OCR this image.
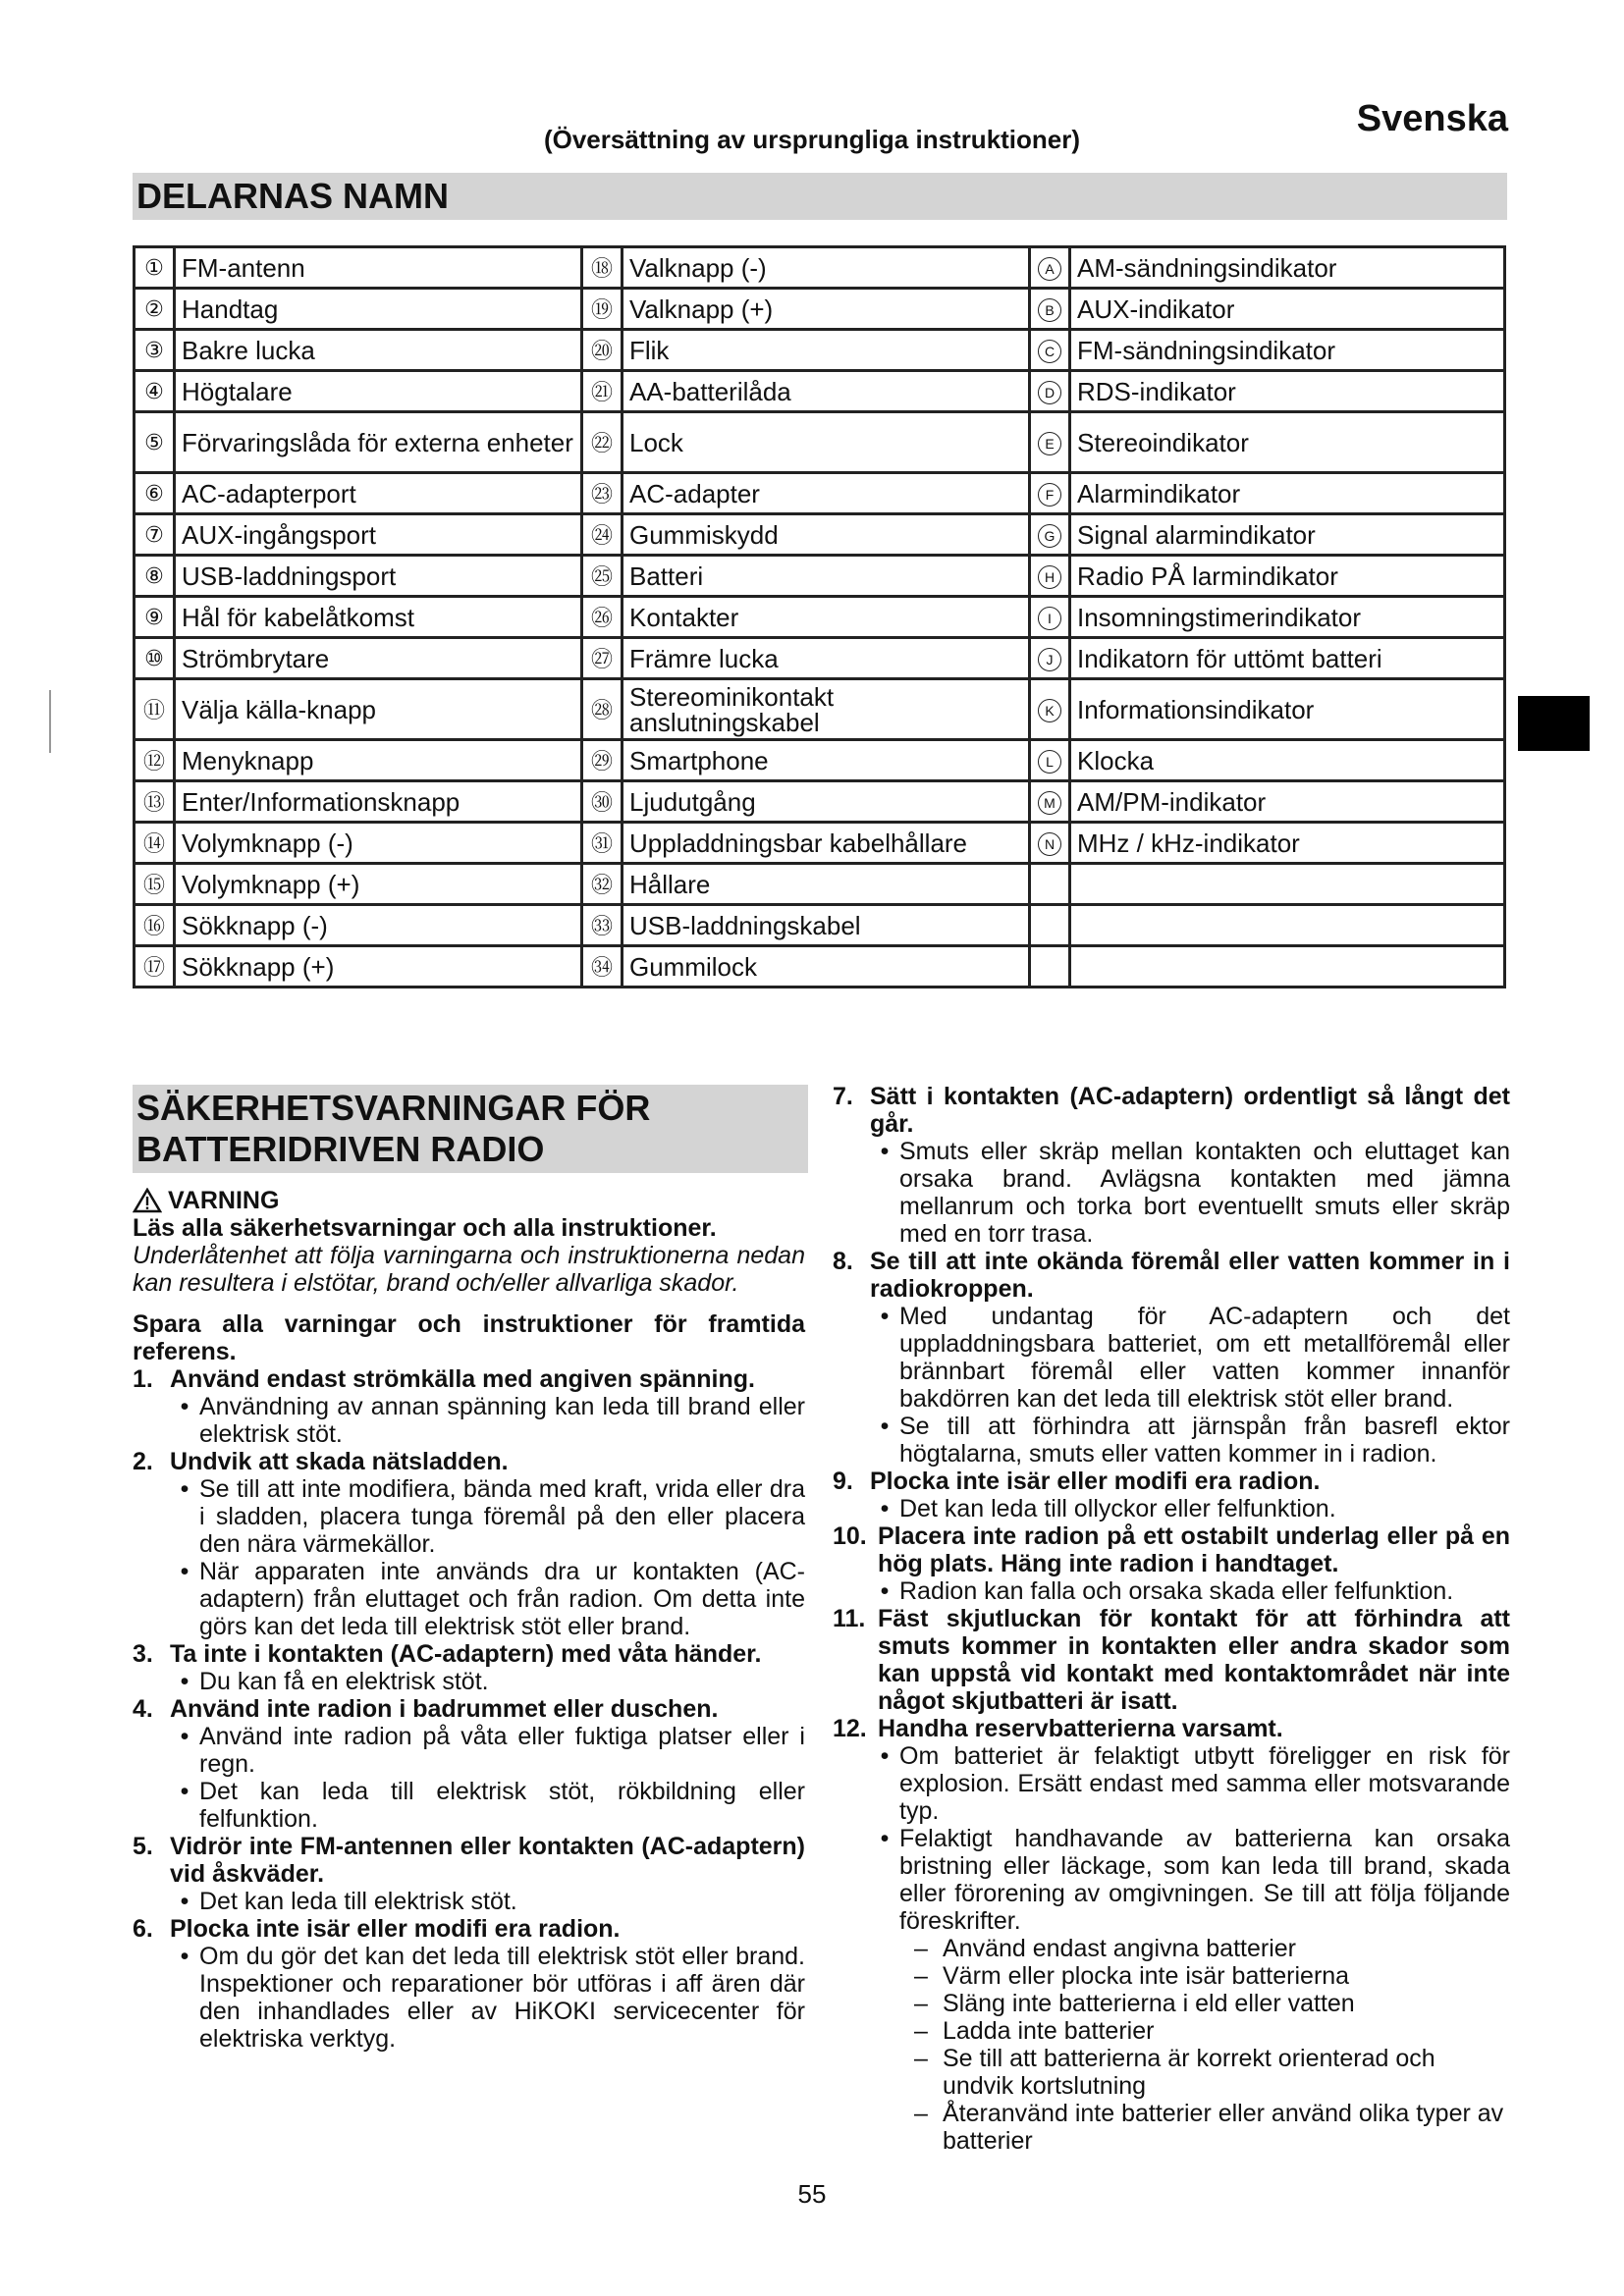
(Översättning av ursprungliga instruktioner)	Svenska
DELARNAS NAMN
①	FM-antenn	⑱	Valknapp (-)	A	AM-sändningsindikator
②	Handtag	⑲	Valknapp (+)	B	AUX-indikator
③	Bakre lucka	⑳	Flik	C	FM-sändningsindikator
④	Högtalare	㉑	AA-batterilåda	D	RDS-indikator
⑤	Förvaringslåda för externa enheter	㉒	Lock	E	Stereoindikator
⑥	AC-adapterport	㉓	AC-adapter	F	Alarmindikator
⑦	AUX-ingångsport	㉔	Gummiskydd	G	Signal alarmindikator
⑧	USB-laddningsport	㉕	Batteri	H	Radio PÅ larmindikator
⑨	Hål för kabelåtkomst	㉖	Kontakter	I	Insomningstimerindikator
⑩	Strömbrytare	㉗	Främre lucka	J	Indikatorn för uttömt batteri
⑪	Välja källa-knapp	㉘	Stereominikontakt anslutningskabel	K	Informationsindikator
⑫	Menyknapp	㉙	Smartphone	L	Klocka
⑬	Enter/Informationsknapp	㉚	Ljudutgång	M	AM/PM-indikator
⑭	Volymknapp (-)	㉛	Uppladdningsbar kabelhållare	N	MHz / kHz-indikator
⑮	Volymknapp (+)	㉜	Hållare		
⑯	Sökknapp (-)	㉝	USB-laddningskabel		
⑰	Sökknapp (+)	㉞	Gummilock		
SÄKERHETSVARNINGAR FÖR
BATTERIDRIVEN RADIO
VARNING
Läs alla säkerhetsvarningar och alla instruktioner.
Underlåtenhet att följa varningarna och instruktionerna nedan kan resultera i elstötar, brand och/eller allvarliga skador.
Spara alla varningar och instruktioner för framtida referens.
1. Använd endast strömkälla med angiven spänning.
• Användning av annan spänning kan leda till brand eller elektrisk stöt.
2. Undvik att skada nätsladden.
• Se till att inte modifiera, bända med kraft, vrida eller dra i sladden, placera tunga föremål på den eller placera den nära värmekällor.
• När apparaten inte används dra ur kontakten (AC-adaptern) från eluttaget och från radion. Om detta inte görs kan det leda till elektrisk stöt eller brand.
3. Ta inte i kontakten (AC-adaptern) med våta händer.
• Du kan få en elektrisk stöt.
4. Använd inte radion i badrummet eller duschen.
• Använd inte radion på våta eller fuktiga platser eller i regn.
• Det kan leda till elektrisk stöt, rökbildning eller felfunktion.
5. Vidrör inte FM-antennen eller kontakten (AC-adaptern) vid åskväder.
• Det kan leda till elektrisk stöt.
6. Plocka inte isär eller modifi era radion.
• Om du gör det kan det leda till elektrisk stöt eller brand. Inspektioner och reparationer bör utföras i aff ären där den inhandlades eller av HiKOKI servicecenter för elektriska verktyg.
7. Sätt i kontakten (AC-adaptern) ordentligt så långt det går.
• Smuts eller skräp mellan kontakten och eluttaget kan orsaka brand. Avlägsna kontakten med jämna mellanrum och torka bort eventuellt smuts eller skräp med en torr trasa.
8. Se till att inte okända föremål eller vatten kommer in i radiokroppen.
• Med undantag för AC-adaptern och det uppladdningsbara batteriet, om ett metallföremål eller brännbart föremål eller vatten kommer innanför bakdörren kan det leda till elektrisk stöt eller brand.
• Se till att förhindra att järnspån från basrefl ektor högtalarna, smuts eller vatten kommer in i radion.
9. Plocka inte isär eller modifi era radion.
• Det kan leda till ollyckor eller felfunktion.
10. Placera inte radion på ett ostabilt underlag eller på en hög plats. Häng inte radion i handtaget.
• Radion kan falla och orsaka skada eller felfunktion.
11. Fäst skjutluckan för kontakt för att förhindra att smuts kommer in kontakten eller andra skador som kan uppstå vid kontakt med kontaktområdet när inte något skjutbatteri är isatt.
12. Handha reservbatterierna varsamt.
• Om batteriet är felaktigt utbytt föreligger en risk för explosion. Ersätt endast med samma eller motsvarande typ.
• Felaktigt handhavande av batterierna kan orsaka bristning eller läckage, som kan leda till brand, skada eller förorening av omgivningen. Se till att följa följande föreskrifter.
– Använd endast angivna batterier
– Värm eller plocka inte isär batterierna
– Släng inte batterierna i eld eller vatten
– Ladda inte batterier
– Se till att batterierna är korrekt orienterad och undvik kortslutning
– Återanvänd inte batterier eller använd olika typer av batterier
55
